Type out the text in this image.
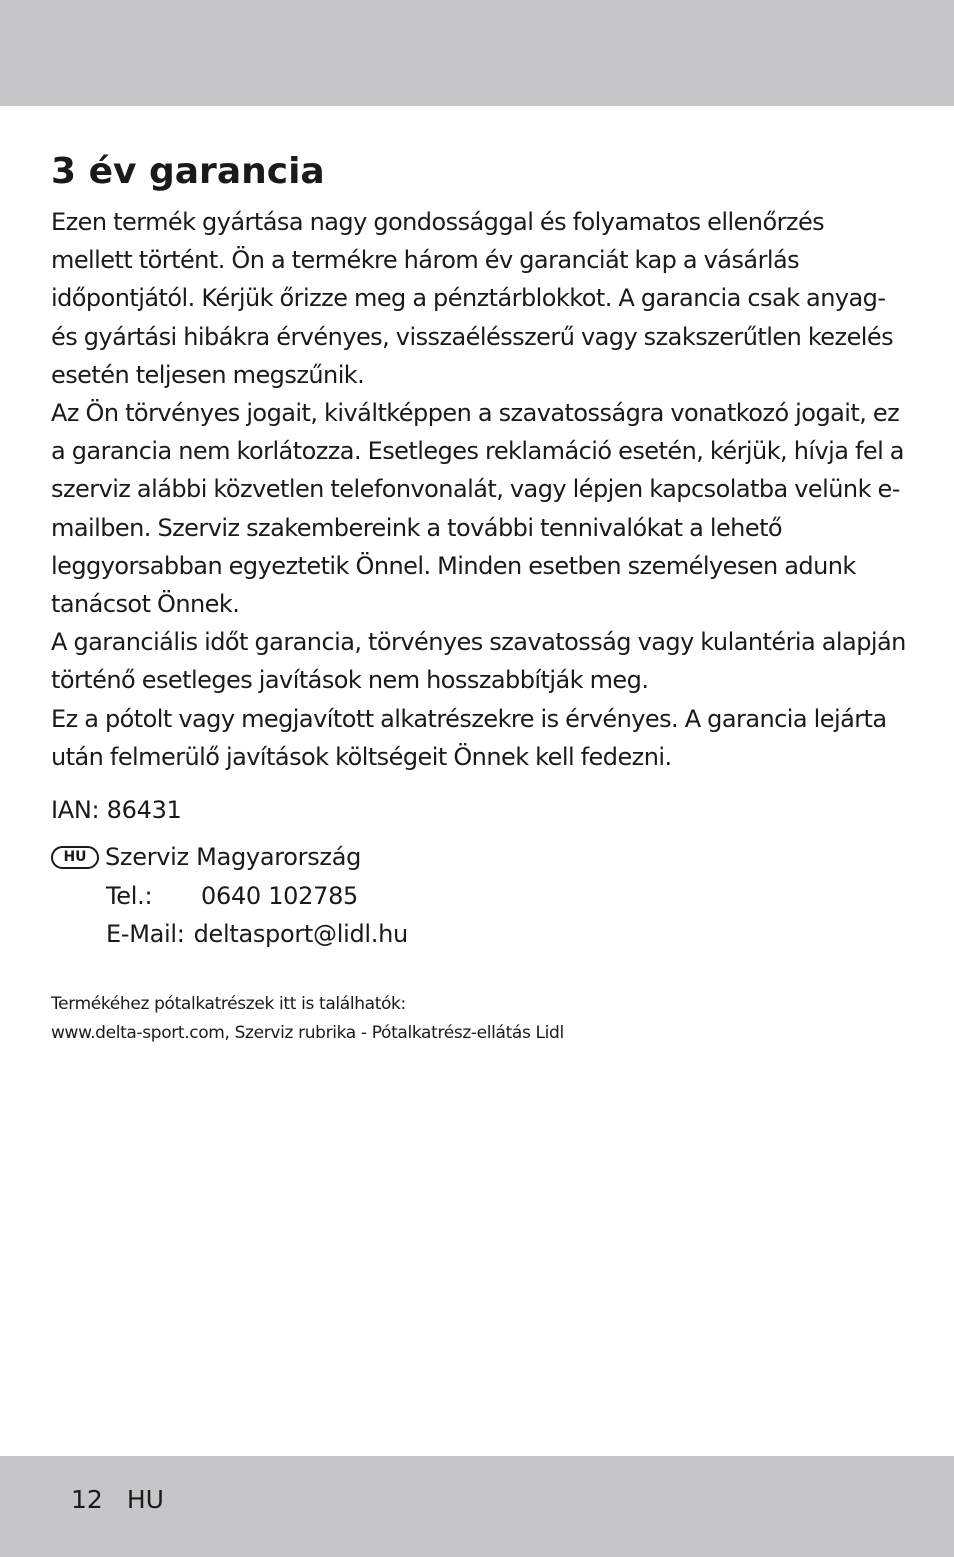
3 év garancia

Ezen termék gyártása nagy gondossággal és folyamatos ellenőrzés mellett történt. Ön a termékre három év garanciát kap a vásárlás időpontjától. Kérjük őrizze meg a pénztárblokkot. A garancia csak anyag- és gyártási hibákra érvényes, visszaélésszerű vagy szakszerűtlen kezelés esetén teljesen megszűnik.

Az Ön törvényes jogait, kiváltképpen a szavatosságra vonatkozó jogait, ez a garancia nem korlátozza. Esetleges reklamáció esetén, kérjük, hívja fel a szerviz alábbi közvetlen telefonvonalát, vagy lépjen kapcsolatba velünk e-mailben. Szerviz szakembereink a további tennivalókat a lehető leggyorsabban egyeztetik Önnel. Minden esetben személyesen adunk tanácsot Önnek.

A garanciális időt garancia, törvényes szavatosság vagy kulantéria alapján történő esetleges javítások nem hosszabbítják meg.

Ez a pótolt vagy megjavított alkatrészekre is érvényes. A garancia lejárta után felmerülő javítások költségeit Önnek kell fedezni.

IAN: 86431
HU Szerviz Magyarország
Tel.:	0640 102785
E-Mail: deltasport@lidl.hu

Termékéhez pótalkatrészek itt is találhatók:

www.delta-sport.com, Szerviz rubrika - Pótalkatrész-ellátás Lidl

12 HU
